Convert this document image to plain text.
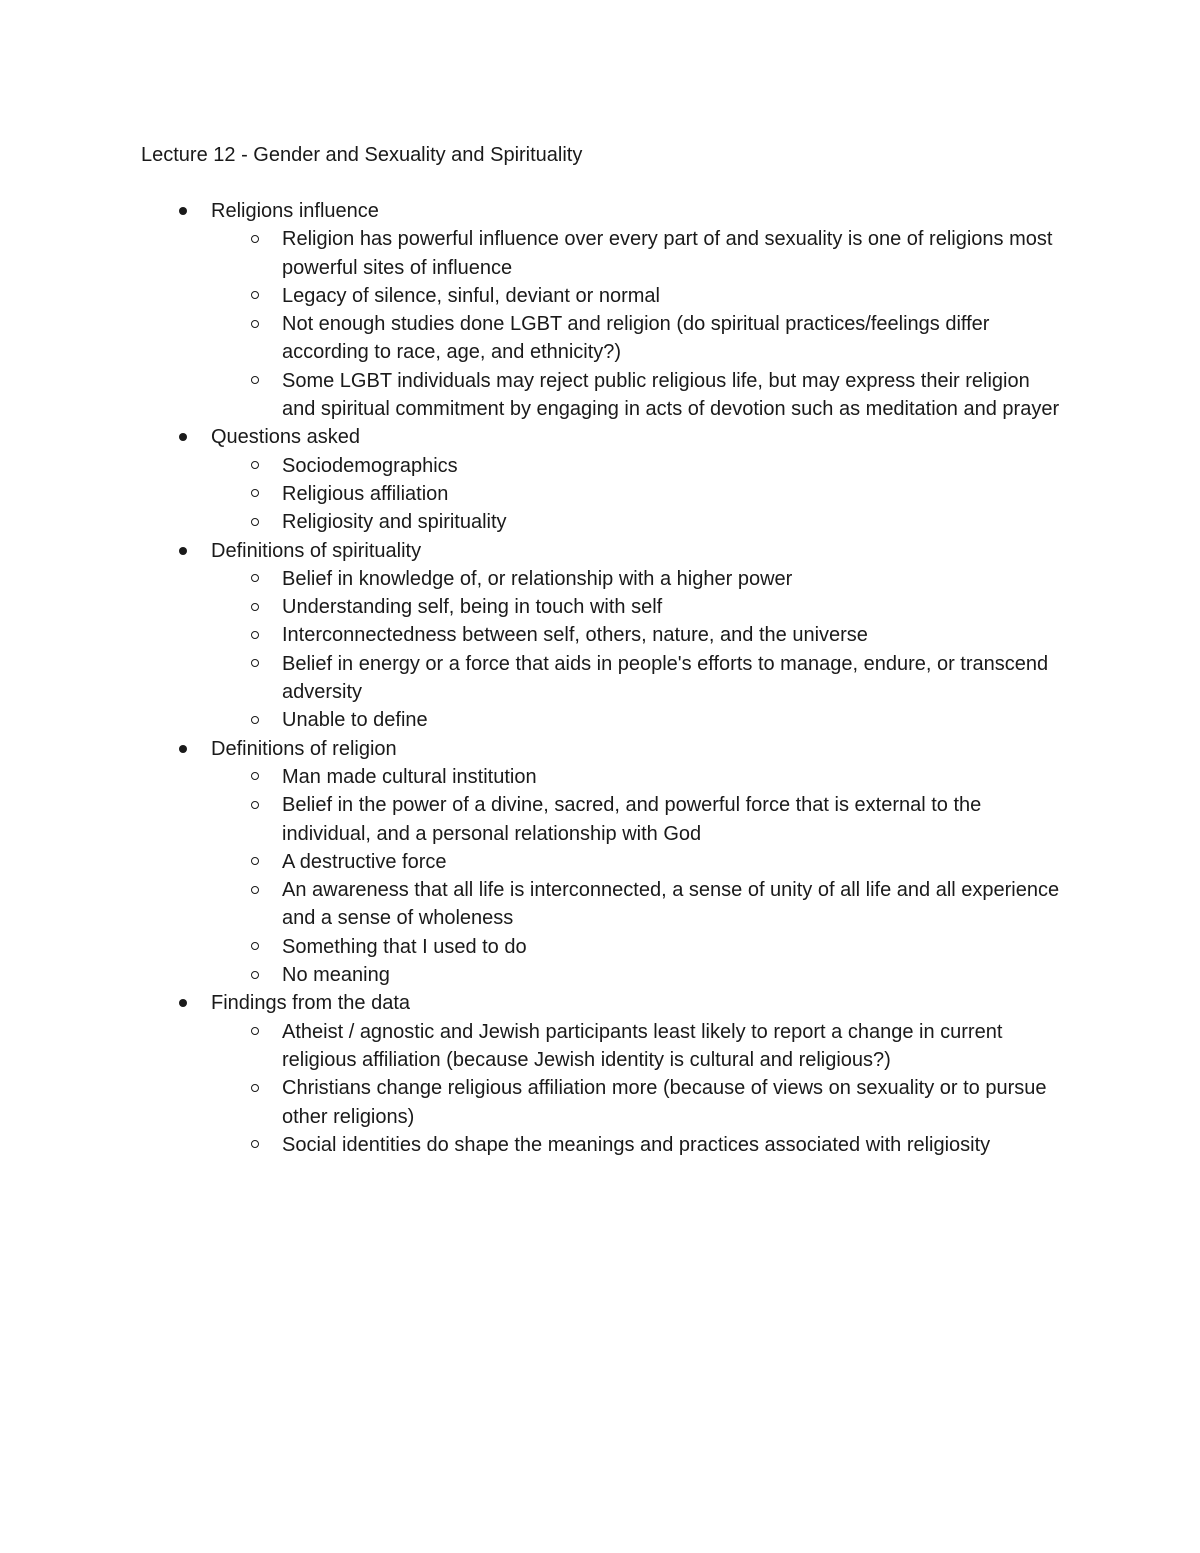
Lecture 12 - Gender and Sexuality and Spirituality
Religions influence
Religion has powerful influence over every part of and sexuality is one of religions most powerful sites of influence
Legacy of silence, sinful, deviant or normal
Not enough studies done LGBT and religion (do spiritual practices/feelings differ according to race, age, and ethnicity?)
Some LGBT individuals may reject public religious life, but may express their religion and spiritual commitment by engaging in acts of devotion such as meditation and prayer
Questions asked
Sociodemographics
Religious affiliation
Religiosity and spirituality
Definitions of spirituality
Belief in knowledge of, or relationship with a higher power
Understanding self, being in touch with self
Interconnectedness between self, others, nature, and the universe
Belief in energy or a force that aids in people's efforts to manage, endure, or transcend adversity
Unable to define
Definitions of religion
Man made cultural institution
Belief in the power of a divine, sacred, and powerful force that is external to the individual, and a personal relationship with God
A destructive force
An awareness that all life is interconnected, a sense of unity of all life and all experience and a sense of wholeness
Something that I used to do
No meaning
Findings from the data
Atheist / agnostic and Jewish participants least likely to report a change in current religious affiliation (because Jewish identity is cultural and religious?)
Christians change religious affiliation more (because of views on sexuality or to pursue other religions)
Social identities do shape the meanings and practices associated with religiosity
